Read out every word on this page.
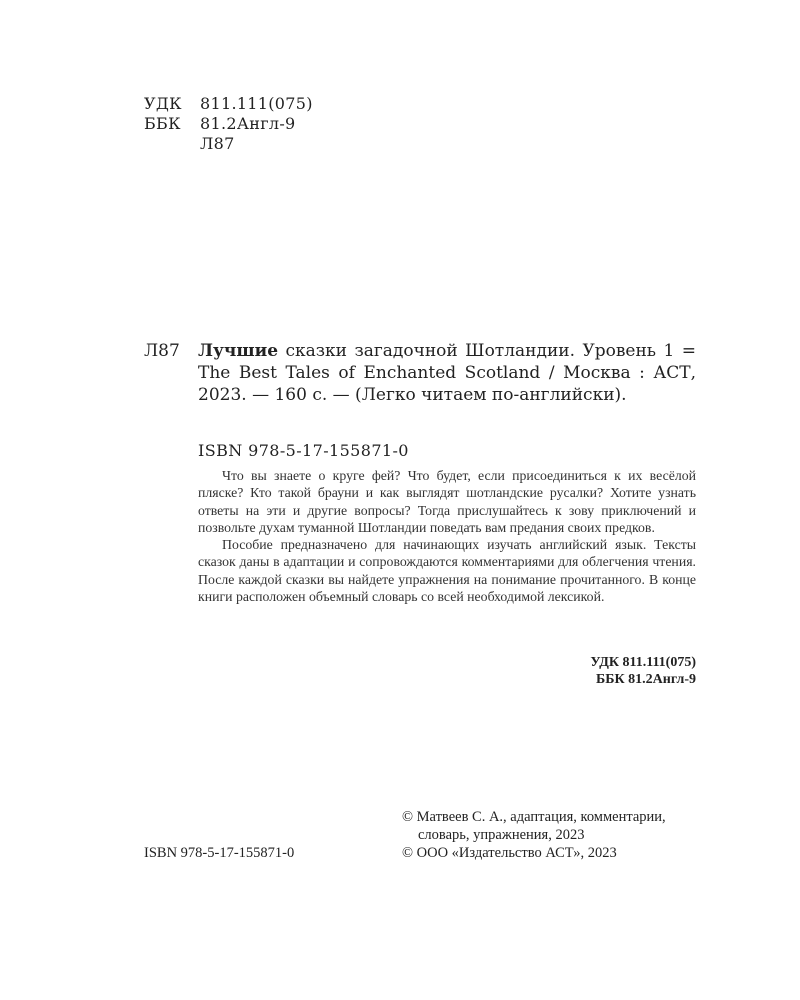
УДК	811.111(075)
ББК	81.2Англ-9
Л87
Л87 Лучшие сказки загадочной Шотландии. Уровень 1 = The Best Tales of Enchanted Scotland / Москва : АСТ, 2023. — 160 с. — (Легко читаем по-английски).
ISBN 978-5-17-155871-0

Что вы знаете о круге фей? Что будет, если присоединиться к их весёлой пляске? Кто такой брауни и как выглядят шотландские русалки? Хотите узнать ответы на эти и другие вопросы? Тогда прислушайтесь к зову приключений и позвольте духам туманной Шотландии поведать вам предания своих предков.

Пособие предназначено для начинающих изучать английский язык. Тексты сказок даны в адаптации и сопровождаются комментариями для облегчения чтения. После каждой сказки вы найдете упражнения на понимание прочитанного. В конце книги расположен объемный словарь со всей необходимой лексикой.

УДК 811.111(075)
ББК 81.2Англ-9
© Матвеев С. А., адаптация, комментарии, словарь, упражнения, 2023
© ООО «Издательство АСТ», 2023
ISBN 978-5-17-155871-0
